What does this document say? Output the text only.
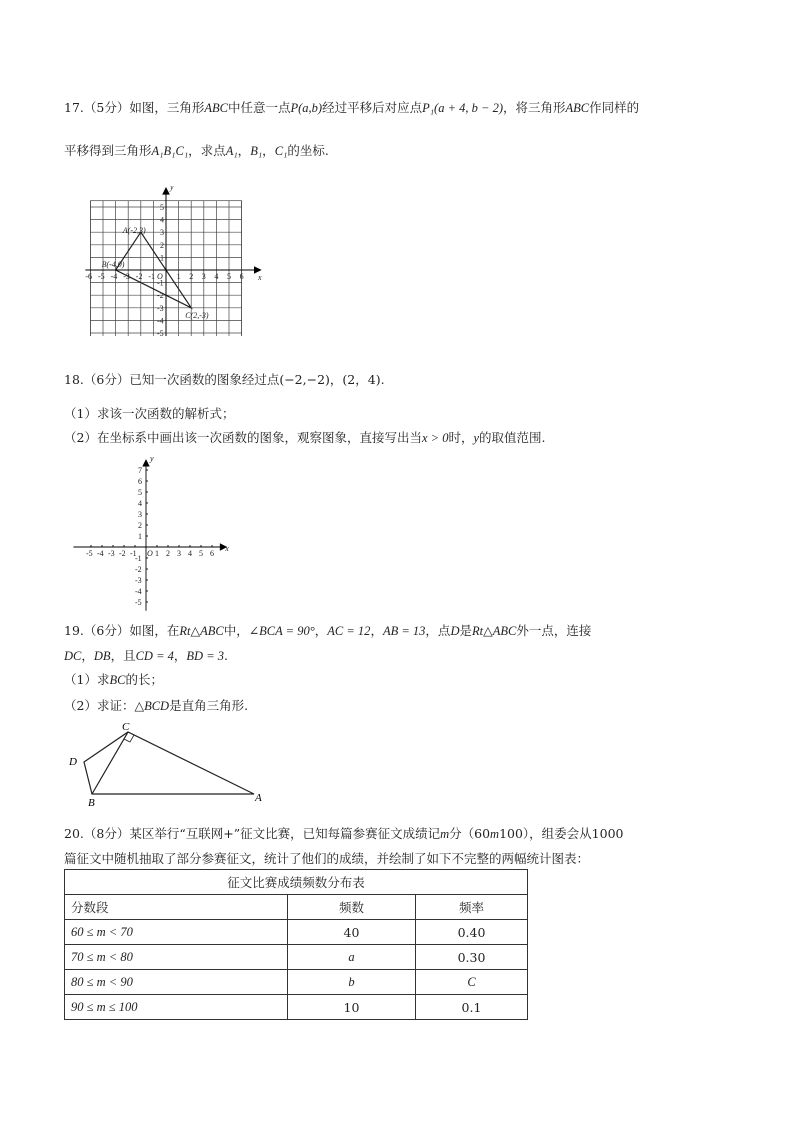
17.（5分）如图，三角形ABC中任意一点P(a,b)经过平移后对应点P₁(a + 4, b − 2)，将三角形ABC作同样的
平移得到三角形A₁B₁C₁，求点A₁，B₁，C₁的坐标.
x
y
O
-6 -5 -4 -3 -2 -1	1 2 3 4 5 6
5
4
3
2
1
-1
-2
-3
-4
-5
A(-2,3)
B(-4,0)
C(2,-3)
18.（6分）已知一次函数的图象经过点(−2,−2)，(2，4).
（1）求该一次函数的解析式；
（2）在坐标系中画出该一次函数的图象，观察图象，直接写出当x > 0时，y的取值范围.
x
y
O
-5 -4 -3 -2 -1 1 2 3 4 5 6
7
6
5
4
3
2
1
-1
-2
-3
-4
-5
19.（6分）如图，在Rt△ABC中，∠BCA = 90°，AC = 12，AB = 13，点D是Rt△ABC外一点，连接
DC，DB，且CD = 4，BD = 3.
（1）求BC的长；
（2）求证：△BCD是直角三角形.
C
D
B	A
20.（8分）某区举行“互联网+”征文比赛，已知每篇参赛征文成绩记m分（60m100），组委会从1000
篇征文中随机抽取了部分参赛征文，统计了他们的成绩，并绘制了如下不完整的两幅统计图表：
征文比赛成绩频数分布表		
分数段	频数	频率
60 ≤ m < 70	40	0.40
70 ≤ m < 80	a	0.30
80 ≤ m < 90	b	C
90 ≤ m ≤ 100	10	0.1
